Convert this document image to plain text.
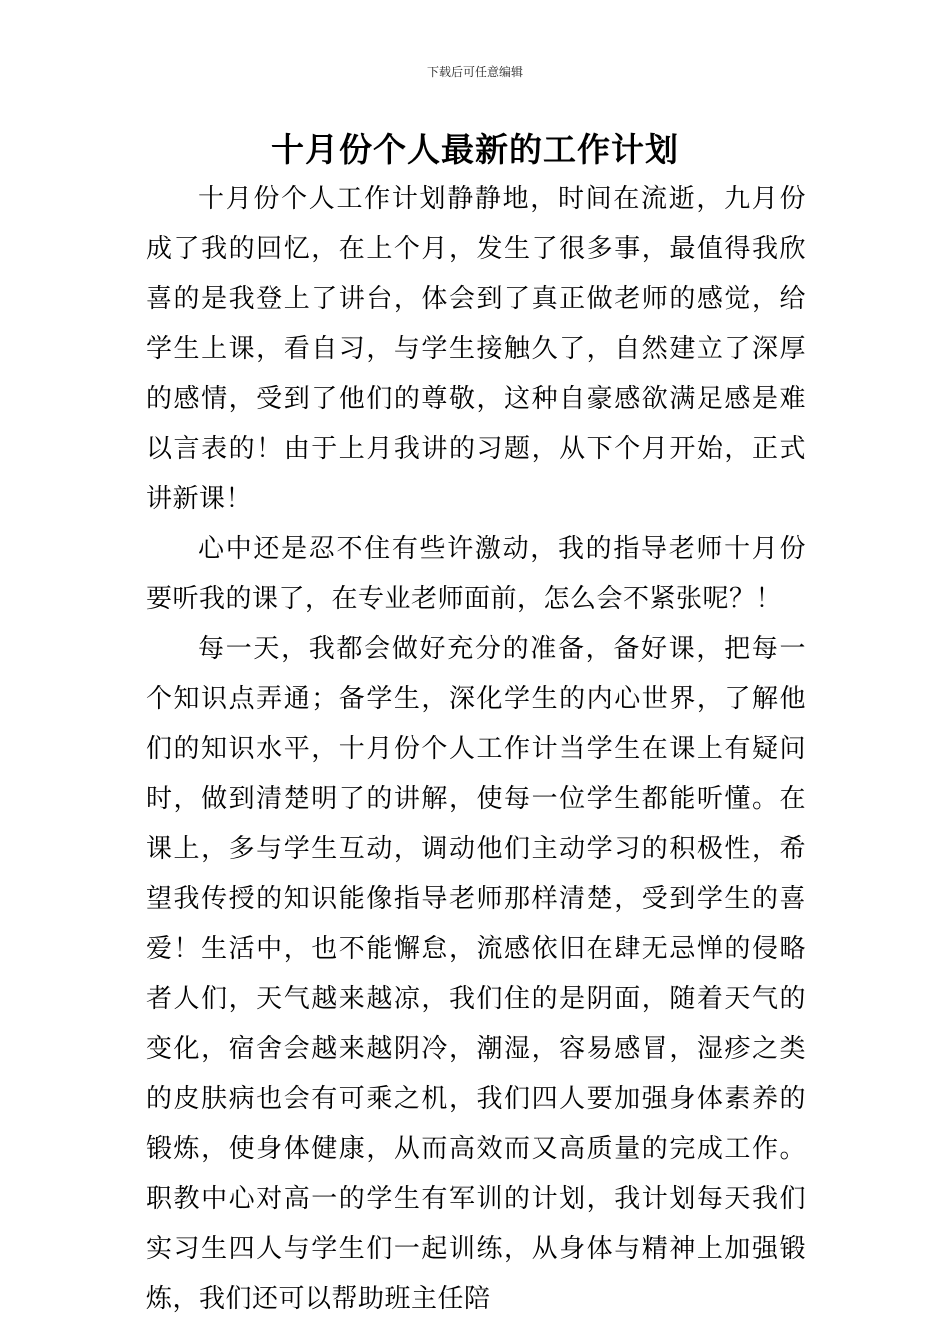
下载后可任意编辑
十月份个人最新的工作计划

十月份个人工作计划静静地，时间在流逝，九月份成了我的回忆，在上个月，发生了很多事，最值得我欣喜的是我登上了讲台，体会到了真正做老师的感觉，给学生上课，看自习，与学生接触久了，自然建立了深厚的感情，受到了他们的尊敬，这种自豪感欲满足感是难以言表的！由于上月我讲的习题，从下个月开始，正式讲新课！

心中还是忍不住有些许激动，我的指导老师十月份要听我的课了，在专业老师面前，怎么会不紧张呢？！

每一天，我都会做好充分的准备，备好课，把每一个知识点弄通；备学生，深化学生的内心世界，了解他们的知识水平，十月份个人工作计当学生在课上有疑问时，做到清楚明了的讲解，使每一位学生都能听懂。在课上，多与学生互动，调动他们主动学习的积极性，希望我传授的知识能像指导老师那样清楚，受到学生的喜爱！生活中，也不能懈怠，流感依旧在肆无忌惮的侵略者人们，天气越来越凉，我们住的是阴面，随着天气的变化，宿舍会越来越阴冷，潮湿，容易感冒，湿疹之类的皮肤病也会有可乘之机，我们四人要加强身体素养的锻炼，使身体健康，从而高效而又高质量的完成工作。职教中心对高一的学生有军训的计划，我计划每天我们实习生四人与学生们一起训练，从身体与精神上加强锻炼，我们还可以帮助班主任陪
